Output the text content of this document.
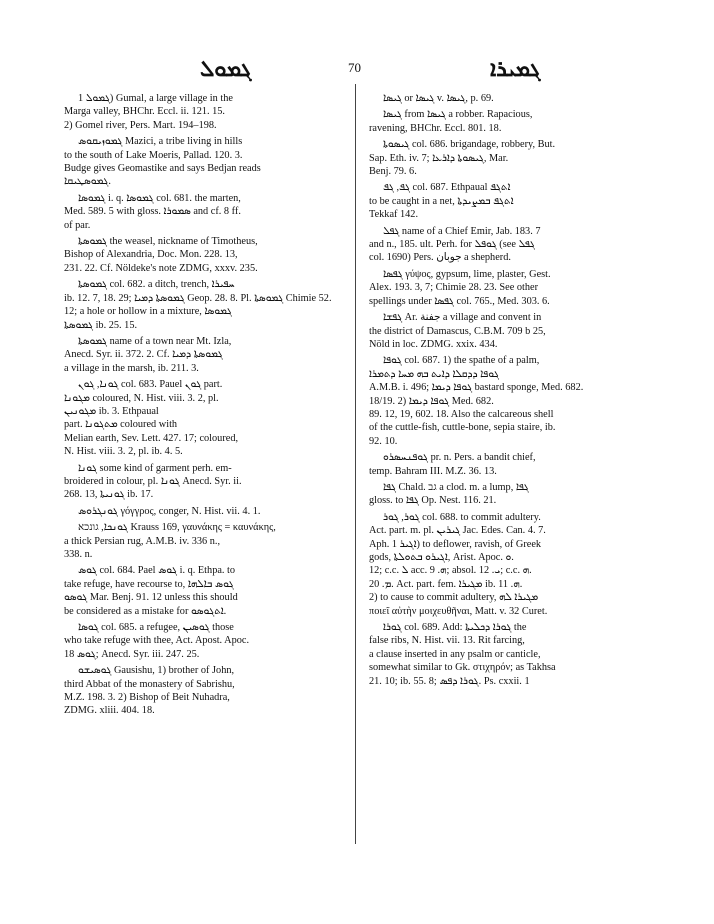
ܓܡܘܠ	70	ܓܡܝܪܐ
ܓܡܘܠ 1) Gumal, a large village in the
Marga valley, BHChr. Eccl. ii. 121. 15.
2) Gomel river, Pers. Mart. 194–198.
ܓܡܘܙܝܩܘܣ Mazici, a tribe living in hills
to the south of Lake Moeris, Pallad. 120. 3.
Budge gives Geomastike and says Bedjan reads
ܓܡܘܣܛܝܩܐ.
ܓܡܘܣܐ i. q. ܓܡܘܣܐ col. 681. the marten,
Med. 589. 5 with gloss. ܣܡܘܪܐ and cf. 8 ff.
of par.
ܓܡܘܣܬܐ the weasel, nickname of Timotheus,
Bishop of Alexandria, Doc. Mon. 228. 13,
231. 22. Cf. Nöldeke's note ZDMG, xxxv. 235.
ܓܡܘܣܬܐ col. 682. a ditch, trench, ܚܦܝܪܐ
ib. 12. 7, 18. 29; ܓܡܘܣܬܐ ܕܡܝܐ Geop. 28. 8. Pl. ܓܡܘܣܬܐ Chimie 52.
12; a hole or hollow in a mixture, ܓܡܘܣܐ
ܓܡܘܣܬܐ ib. 25. 15.
ܓܡܘܣܬܐ name of a town near Mt. Izla,
Anecd. Syr. ii. 372. 2. Cf. ܓܡܘܣܬܐ ܕܡܝܐ
a village in the marsh, ib. 211. 3.
ܓܘܢܐ, ܓܘܢ col. 683. Pauel ܓܘܢ part.
ܡܓܘܢܐ coloured, N. Hist. viii. 3. 2, pl.
ܡܓܘܢܝܢ ib. 3. Ethpaual
part. ܡܬܓܘܢܐ coloured with
Melian earth, Sev. Lett. 427. 17; coloured,
N. Hist. viii. 3. 2, pl. ib. 4. 5.
ܓܘܢܐ some kind of garment perh. em-
broidered in colour, pl. ܓܘܢܐ Anecd. Syr. ii.
268. 13, ܓܘܢܝܬܐ ib. 17.
ܓܘܢܓܪܘܣ γόγγρος, conger, N. Hist. vii. 4. 1.
ܓܘܢܟܐ, גונכא Krauss 169, γαυνάκης = καυνάκης,
a thick Persian rug, A.M.B. iv. 336 n.,
338. n.
ܓܘܣ col. 684. Pael ܓܘܣ i. q. Ethpa. to
take refuge, have recourse to, ܓܘܣ ܒܐܠܗܐ
ܓܘܣܘ Mar. Benj. 91. 12 unless this should
be considered as a mistake for ܐܬܓܘܣܘ.
ܓܘܣܐ col. 685. a refugee, ܓܘܣܝܢ those
who take refuge with thee, Act. Apost. Apoc.
ܓܘܣ 18; Anecd. Syr. iii. 247. 25.
ܓܘܣܝܫܘ Gausishu, 1) brother of John,
third Abbat of the monastery of Sabrishu,
M.Z. 198. 3. 2) Bishop of Beit Nuhadra,
ZDMG. xliii. 404. 18.
ܓܝܣܐ or ܓܝܣܐ v. ܓܝܣܐ, p. 69.
ܓܝܣܐ from ܓܝܣܐ a robber. Rapacious,
ravening, BHChr. Eccl. 801. 18.
ܓܝܣܘܬܐ col. 686. brigandage, robbery, But.
Sap. Eth. iv. 7; ܓܝܣܘܬܐ ܕܐܪܥܐ, Mar.
Benj. 79. 6.
ܓܦ, ܓܦ col. 687. Ethpaual ܐܬܓܦ
to be caught in a net, ܐܬܓܦ ܒܡܨܝܕܬܐ
Tekkaf 142.
ܓܦܠ name of a Chief Emir, Jab. 183. 7
and n., 185. ult. Perh. for ܓܘܦܠ (see ܓܦܠ
col. 1690) Pers. جوبان a shepherd.
ܓܦܣܐ γύψος, gypsum, lime, plaster, Gest.
Alex. 193. 3, 7; Chimie 28. 23. See other
spellings under ܓܦܣܐ col. 765., Med. 303. 6.
ܓܦܫܐ Ar. جفنة a village and convent in
the district of Damascus, C.B.M. 709 b 25,
Nöld in loc. ZDMG. xxix. 434.
ܓܘܦܐ col. 687. 1) the spathe of a palm,
ܓܘܦܐ ܕܕܩܠܐ ܕܐܝܬ ܒܗ ܡܚܐ ܕܬܡܪܐ
A.M.B. i. 496; ܓܘܦܐ ܕܝܡܐ bastard sponge, Med. 682.
18/19. 2) ܓܘܦܐ ܕܝܡܐ Med. 682.
89. 12, 19, 602. 18. Also the calcareous shell
of the cuttle-fish, cuttle-bone, sepia staire, ib.
92. 10.
ܓܘܦܢܚܣܪܘ pr. n. Pers. a bandit chief,
temp. Bahram III. M.Z. 36. 13.
ܓܦܐ Chald. גב a clod. m. a lump, ܓܦܐ
gloss. to ܓܦܐ Op. Nest. 116. 21.
ܓܘܪ, ܓܘܪ col. 688. to commit adultery.
Act. part. m. pl. ܓܝܪܝܢ Jac. Edes. Can. 4. 7.
Aph. ܐܓܝܪ 1) to deflower, ravish, of Greek
gods, ܐܓܝܪܘ ܒܬܘܠܬܐ, Arist. Apoc. ܘ.
12; c.c. ܠ acc. ܗ. 9; absol. ܝ. 12; c.c. ܗ.
ܡ. 20. Act. part. fem. ܡܓܝܪܐ ib. ܗ. 11.
2) to cause to commit adultery, ܡܓܝܪܐ ܠܗ
ποιεῖ αὐτὴν μοιχευθῆναι, Matt. v. 32 Curet.
ܓܘܪܐ col. 689. Add: ܓܘܪܐ ܕܟܠܝܬܐ the
false ribs, N. Hist. vii. 13. Rit farcing,
a clause inserted in any psalm or canticle,
somewhat similar to Gk. στιχηρόν; as Takhsa
21. 10; ib. 55. 8; ܓܘܪܐ ܕܦܣ. Ps. cxxii. 1
